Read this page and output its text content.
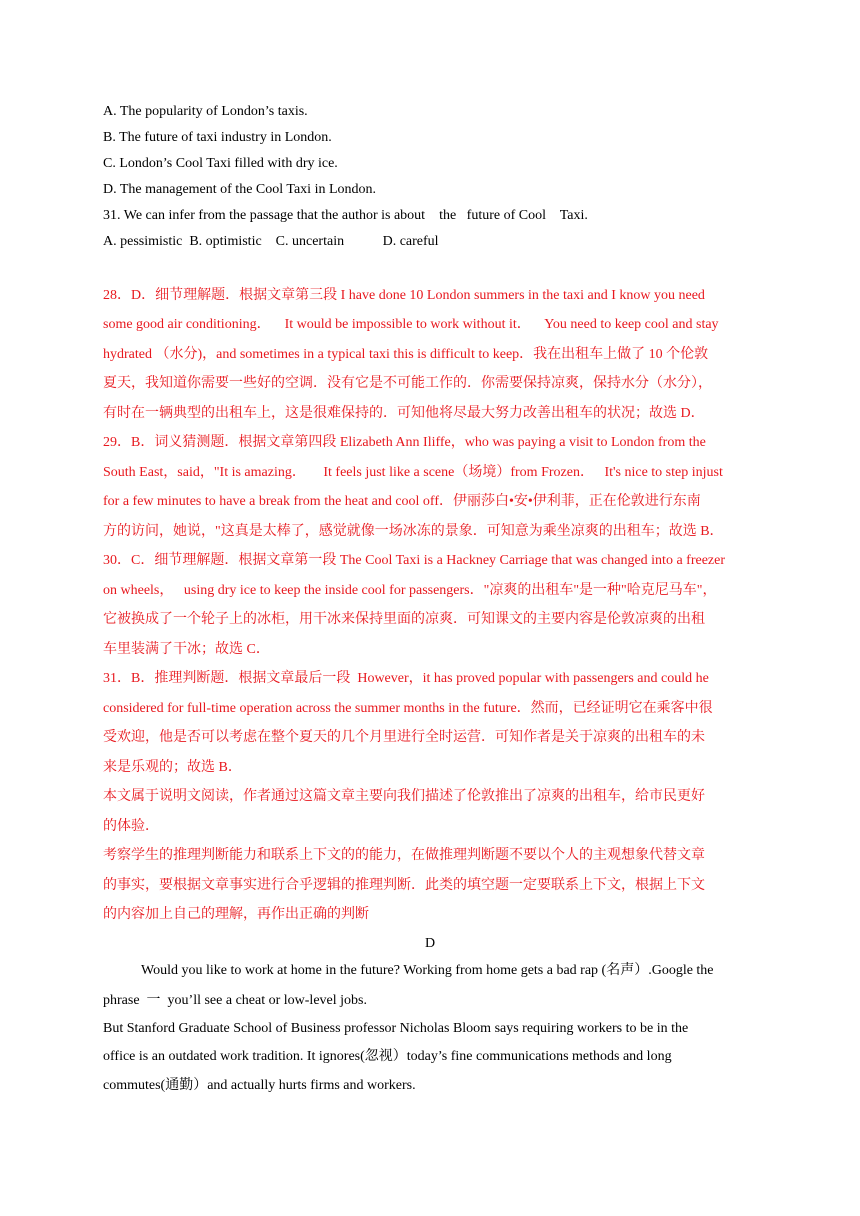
A. The popularity of London’s taxis.
B. The future of taxi industry in London.
C. London’s Cool Taxi filled with dry ice.
D. The management of the Cool Taxi in London.
31. We can infer from the passage that the author is about    the   future of Cool    Taxi.
A. pessimistic  B. optimistic    C. uncertain           D. careful
28．D．细节理解题．根据文章第三段 I have done 10 London summers in the taxi and I know you need
some good air conditioning．    It would be impossible to work without it．    You need to keep cool and stay
hydrated （水分)，and sometimes in a typical taxi this is difficult to keep．我在出租车上做了 10 个伦敦
夏天，我知道你需要一些好的空调．没有它是不可能工作的．你需要保持凉爽，保持水分（水分），
有时在一辆典型的出租车上，这是很难保持的．可知他将尽最大努力改善出租车的状况；故选 D．
29．B．词义猜测题．根据文章第四段 Elizabeth Ann Iliffe，who was paying a visit to London from the
South East，said，"It is amazing．     It feels just like a scene（场境）from Frozen．   It's nice to step injust
for a few minutes to have a break from the heat and cool off．伊丽莎白•安•伊利菲，正在伦敦进行东南
方的访问，她说，"这真是太棒了，感觉就像一场冰冻的景象．可知意为乘坐凉爽的出租车；故选 B．
30．C．细节理解题．根据文章第一段 The Cool Taxi is a Hackney Carriage that was changed into a freezer
on wheels，   using dry ice to keep the inside cool for passengers．"凉爽的出租车"是一种"哈克尼马车"，
它被换成了一个轮子上的冰柜，用干冰来保持里面的凉爽．可知课文的主要内容是伦敦凉爽的出租
车里装满了干冰；故选 C．
31．B．推理判断题．根据文章最后一段  However，it has proved popular with passengers and could he
considered for full-time operation across the summer months in the future．然而，已经证明它在乘客中很
受欢迎，他是否可以考虑在整个夏天的几个月里进行全时运营．可知作者是关于凉爽的出租车的未
来是乐观的；故选 B．
本文属于说明文阅读，作者通过这篇文章主要向我们描述了伦敦推出了凉爽的出租车，给市民更好
的体验．
考察学生的推理判断能力和联系上下文的的能力，在做推理判断题不要以个人的主观想象代替文章
的事实，要根据文章事实进行合乎逻辑的推理判断．此类的填空题一定要联系上下文，根据上下文
的内容加上自己的理解，再作出正确的判断
D
Would you like to work at home in the future? Working from home gets a bad rap (名声）.Google the
phrase  一  you’ll see a cheat or low-level jobs.
But Stanford Graduate School of Business professor Nicholas Bloom says requiring workers to be in the
office is an outdated work tradition. It ignores(忽视）today’s fine communications methods and long
commutes(通勤）and actually hurts firms and workers.
